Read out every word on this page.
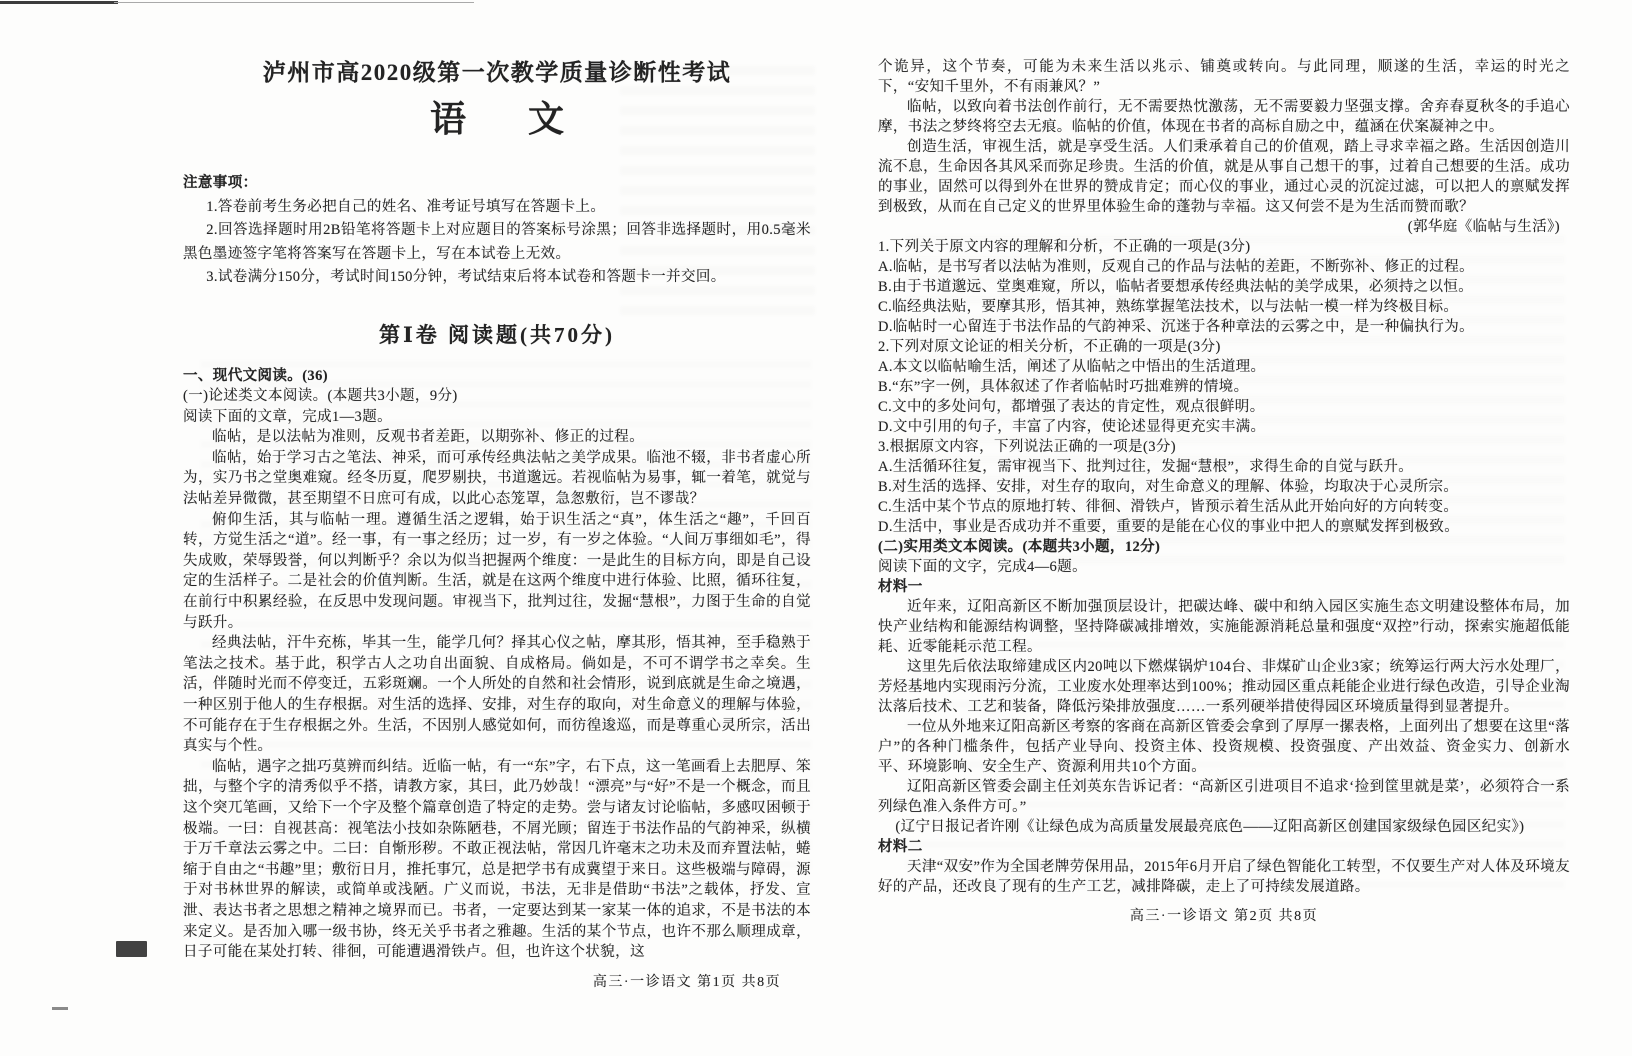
泸州市高2020级第一次教学质量诊断性考试
语文

注意事项：

1.答卷前考生务必把自己的姓名、准考证号填写在答题卡上。

2.回答选择题时用2B铅笔将答题卡上对应题目的答案标号涂黑；回答非选择题时，用0.5毫米黑色墨迹签字笔将答案写在答题卡上，写在本试卷上无效。

3.试卷满分150分，考试时间150分钟，考试结束后将本试卷和答题卡一并交回。

第Ⅰ卷 阅读题(共70分)

一、现代文阅读。(36)

(一)论述类文本阅读。(本题共3小题，9分)

阅读下面的文章，完成1—3题。

临帖，是以法帖为准则，反观书者差距，以期弥补、修正的过程。

临帖，始于学习古之笔法、神采，而可承传经典法帖之美学成果。临池不辍，非书者虚心所为，实乃书之堂奥难窥。经冬历夏，爬罗剔抉，书道邈远。若视临帖为易事，辄一着笔，就觉与法帖差异微微，甚至期望不日庶可有成，以此心态笼罩，急怱敷衍，岂不谬哉？

俯仰生活，其与临帖一理。遵循生活之逻辑，始于识生活之“真”，体生活之“趣”，千回百转，方觉生活之“道”。经一事，有一事之经历；过一岁，有一岁之体验。“人间万事细如毛”，得失成败，荣辱毁誉，何以判断乎？余以为似当把握两个维度：一是此生的目标方向，即是自己设定的生活样子。二是社会的价值判断。生活，就是在这两个维度中进行体验、比照，循环往复，在前行中积累经验，在反思中发现问题。审视当下，批判过往，发掘“慧根”，力图于生命的自觉与跃升。

经典法帖，汗牛充栋，毕其一生，能学几何？择其心仪之帖，摩其形，悟其神，至手稳熟于笔法之技术。基于此，积学古人之功自出面貌、自成格局。倘如是，不可不谓学书之幸矣。生活，伴随时光而不停变迁，五彩斑斓。一个人所处的自然和社会情形，说到底就是生命之境遇，一种区别于他人的生存根据。对生活的选择、安排，对生存的取向，对生命意义的理解与体验，不可能存在于生存根据之外。生活，不因别人感觉如何，而彷徨逡巡，而是尊重心灵所宗，活出真实与个性。

临帖，遇字之拙巧莫辨而纠结。近临一帖，有一“东”字，右下点，这一笔画看上去肥厚、笨拙，与整个字的清秀似乎不搭，请教方家，其曰，此乃妙哉！“漂亮”与“好”不是一个概念，而且这个突兀笔画，又给下一个字及整个篇章创造了特定的走势。尝与诸友讨论临帖，多感叹困顿于极端。一曰：自视甚高：视笔法小技如杂陈陋巷，不屑光顾；留连于书法作品的气韵神采，纵横于万千章法云雾之中。二曰：自惭形秽。不敢正视法帖，常因几许毫末之功未及而弃置法帖，蜷缩于自由之“书趣”里；敷衍日月，推托事冗，总是把学书有成冀望于来日。这些极端与障碍，源于对书林世界的解读，或简单或浅陋。广义而说，书法，无非是借助“书法”之载体，抒发、宣泄、表达书者之思想之精神之境界而已。书者，一定要达到某一家某一体的追求，不是书法的本来定义。是否加入哪一级书协，终无关乎书者之雅趣。生活的某个节点，也许不那么顺理成章，日子可能在某处打转、徘徊，可能遭遇滑铁卢。但，也许这个状貌，这

高三·一诊语文 第1页 共8页

个诡异，这个节奏，可能为未来生活以兆示、铺奠或转向。与此同理，顺遂的生活，幸运的时光之下，“安知千里外，不有雨兼风？”

临帖，以致向着书法创作前行，无不需要热忱激荡，无不需要毅力坚强支撑。舍弃春夏秋冬的手追心摩，书法之梦终将空去无痕。临帖的价值，体现在书者的高标自励之中，蕴涵在伏案凝神之中。

创造生活，审视生活，就是享受生活。人们秉承着自己的价值观，踏上寻求幸福之路。生活因创造川流不息，生命因各其风采而弥足珍贵。生活的价值，就是从事自己想干的事，过着自己想要的生活。成功的事业，固然可以得到外在世界的赞成肯定；而心仪的事业，通过心灵的沉淀过滤，可以把人的禀赋发挥到极致，从而在自己定义的世界里体验生命的蓬勃与幸福。这又何尝不是为生活而赞而歌？

(郭华庭《临帖与生活》)

1.下列关于原文内容的理解和分析，不正确的一项是(3分)

A.临帖，是书写者以法帖为准则，反观自己的作品与法帖的差距，不断弥补、修正的过程。

B.由于书道邈远、堂奥难窥，所以，临帖者要想承传经典法帖的美学成果，必须持之以恒。

C.临经典法贴，要摩其形，悟其神，熟练掌握笔法技术，以与法帖一模一样为终极目标。

D.临帖时一心留连于书法作品的气韵神采、沉迷于各种章法的云雾之中，是一种偏执行为。

2.下列对原文论证的相关分析，不正确的一项是(3分)

A.本文以临帖喻生活，阐述了从临帖之中悟出的生活道理。

B.“东”字一例，具体叙述了作者临帖时巧拙难辨的情境。

C.文中的多处问句，都增强了表达的肯定性，观点很鲜明。

D.文中引用的句子，丰富了内容，使论述显得更充实丰满。

3.根据原文内容，下列说法正确的一项是(3分)

A.生活循环往复，需审视当下、批判过往，发掘“慧根”，求得生命的自觉与跃升。

B.对生活的选择、安排，对生存的取向，对生命意义的理解、体验，均取决于心灵所宗。

C.生活中某个节点的原地打转、徘徊、滑铁卢，皆预示着生活从此开始向好的方向转变。

D.生活中，事业是否成功并不重要，重要的是能在心仪的事业中把人的禀赋发挥到极致。

(二)实用类文本阅读。(本题共3小题，12分)

阅读下面的文字，完成4—6题。

材料一

近年来，辽阳高新区不断加强顶层设计，把碳达峰、碳中和纳入园区实施生态文明建设整体布局，加快产业结构和能源结构调整，坚持降碳减排增效，实施能源消耗总量和强度“双控”行动，探索实施超低能耗、近零能耗示范工程。

这里先后依法取缔建成区内20吨以下燃煤锅炉104台、非煤矿山企业3家；统筹运行两大污水处理厂，芳烃基地内实现雨污分流，工业废水处理率达到100%；推动园区重点耗能企业进行绿色改造，引导企业淘汰落后技术、工艺和装备，降低污染排放强度……一系列硬举措使得园区环境质量得到显著提升。

一位从外地来辽阳高新区考察的客商在高新区管委会拿到了厚厚一摞表格，上面列出了想要在这里“落户”的各种门槛条件，包括产业导向、投资主体、投资规模、投资强度、产出效益、资金实力、创新水平、环境影响、安全生产、资源利用共10个方面。

辽阳高新区管委会副主任刘英东告诉记者：“高新区引进项目不追求‘捡到筐里就是菜’，必须符合一系列绿色准入条件方可。”

(辽宁日报记者许刚《让绿色成为高质量发展最亮底色——辽阳高新区创建国家级绿色园区纪实》)

材料二

天津“双安”作为全国老牌劳保用品，2015年6月开启了绿色智能化工转型，不仅要生产对人体及环境友好的产品，还改良了现有的生产工艺，减排降碳，走上了可持续发展道路。

高三·一诊语文 第2页 共8页
